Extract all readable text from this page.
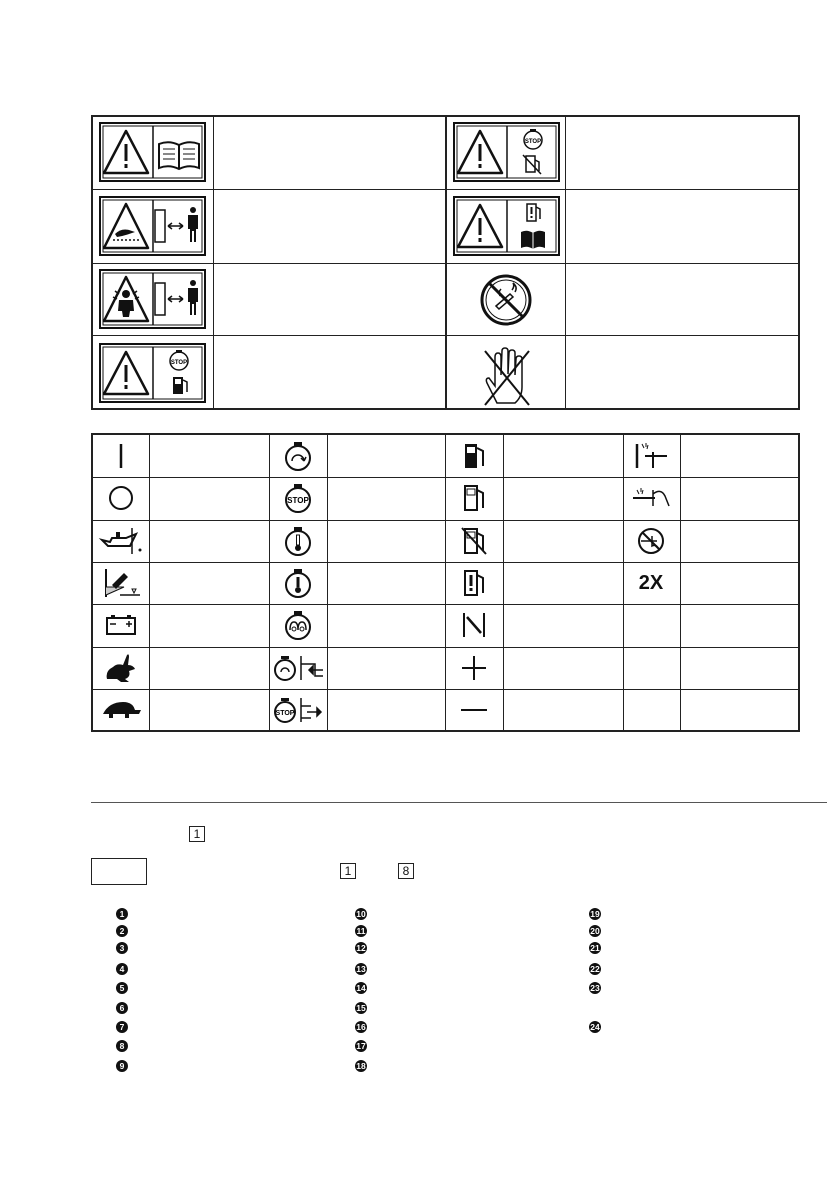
STOP
STOP
STOP
STOP
2X
1
1	8
1
2
3
4
5
6
7
8
9
10
11
12
13
14
15
16
17
18
19
20
21
22
23
24
